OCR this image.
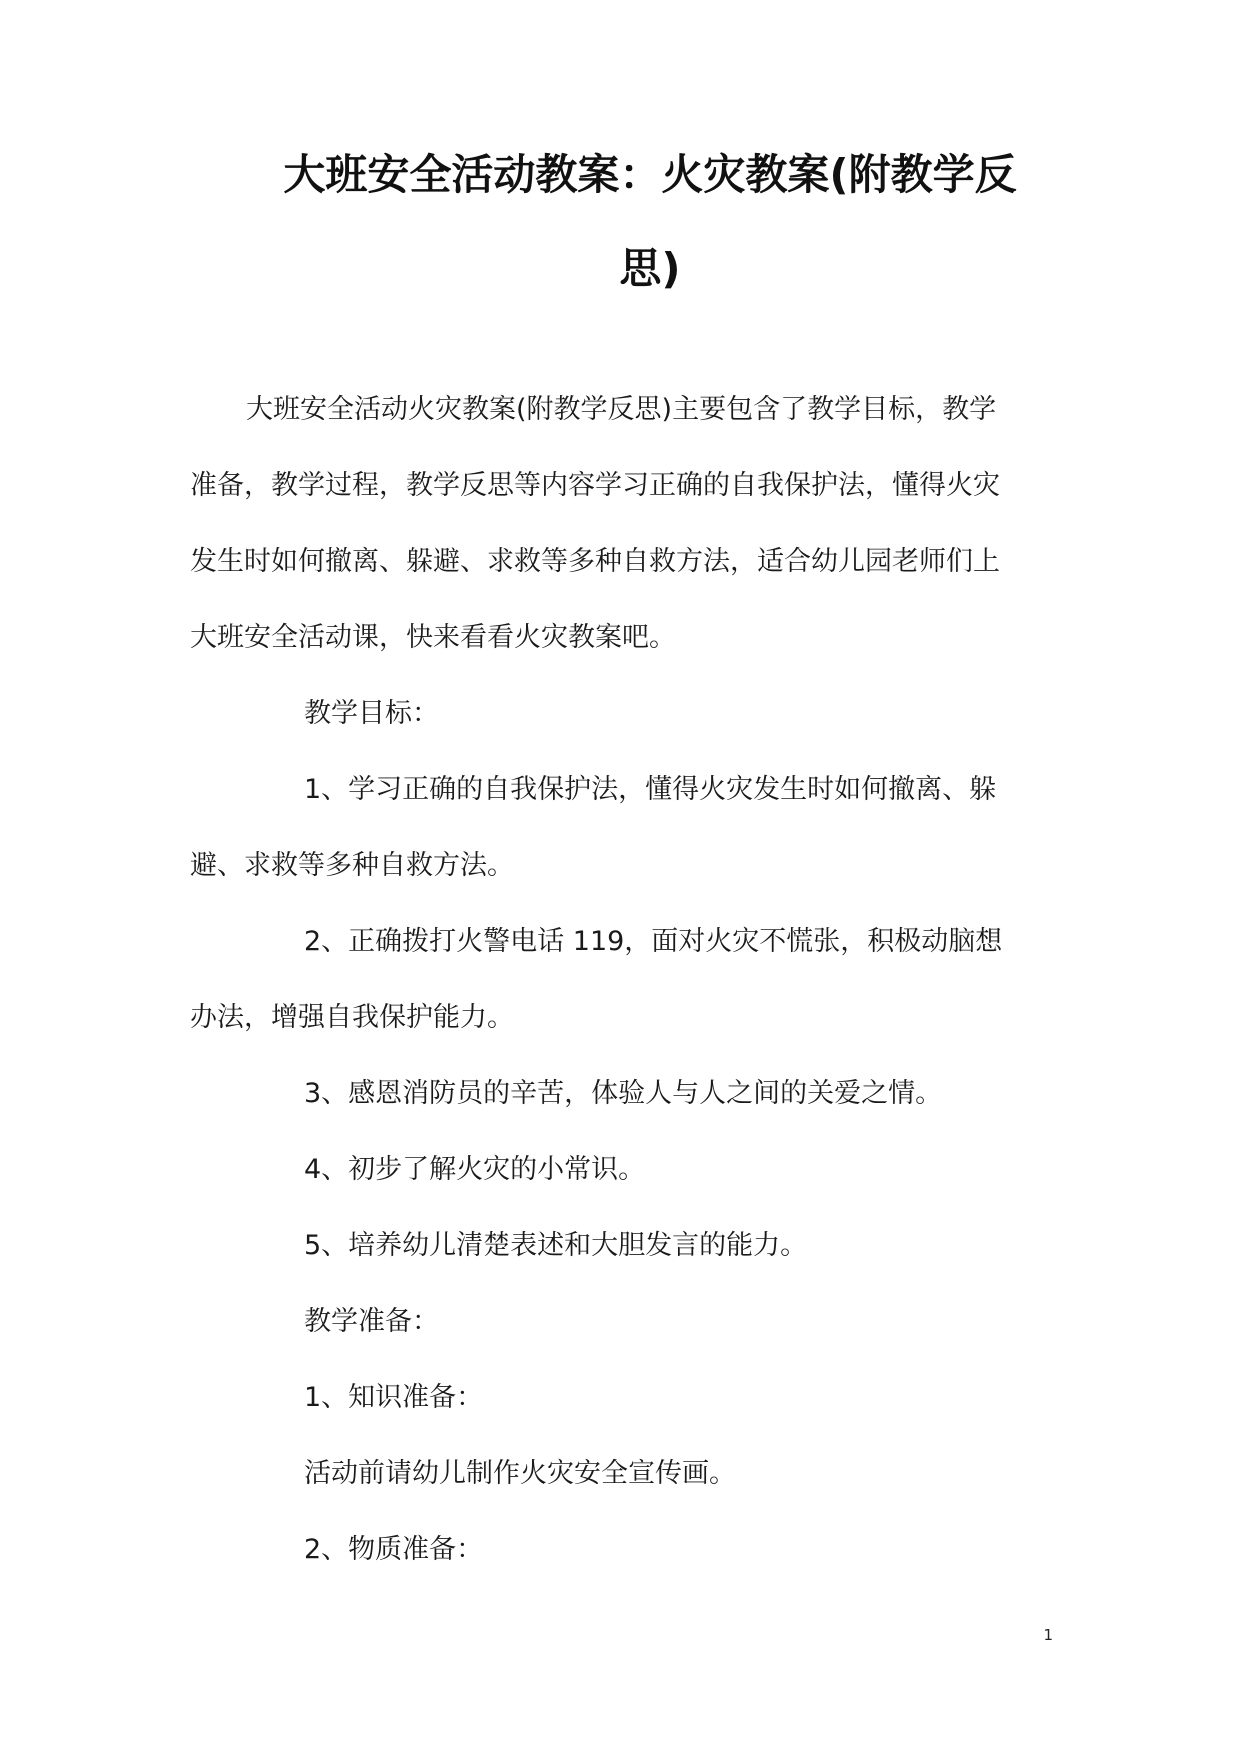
大班安全活动教案：火灾教案(附教学反
思)
大班安全活动火灾教案(附教学反思)主要包含了教学目标，教学
准备，教学过程，教学反思等内容学习正确的自我保护法，懂得火灾
发生时如何撤离、躲避、求救等多种自救方法，适合幼儿园老师们上
大班安全活动课，快来看看火灾教案吧。
教学目标：
1、学习正确的自我保护法，懂得火灾发生时如何撤离、躲
避、求救等多种自救方法。
2、正确拨打火警电话 119，面对火灾不慌张，积极动脑想
办法，增强自我保护能力。
3、感恩消防员的辛苦，体验人与人之间的关爱之情。
4、初步了解火灾的小常识。
5、培养幼儿清楚表述和大胆发言的能力。
教学准备：
1、知识准备：
活动前请幼儿制作火灾安全宣传画。
2、物质准备：
1
